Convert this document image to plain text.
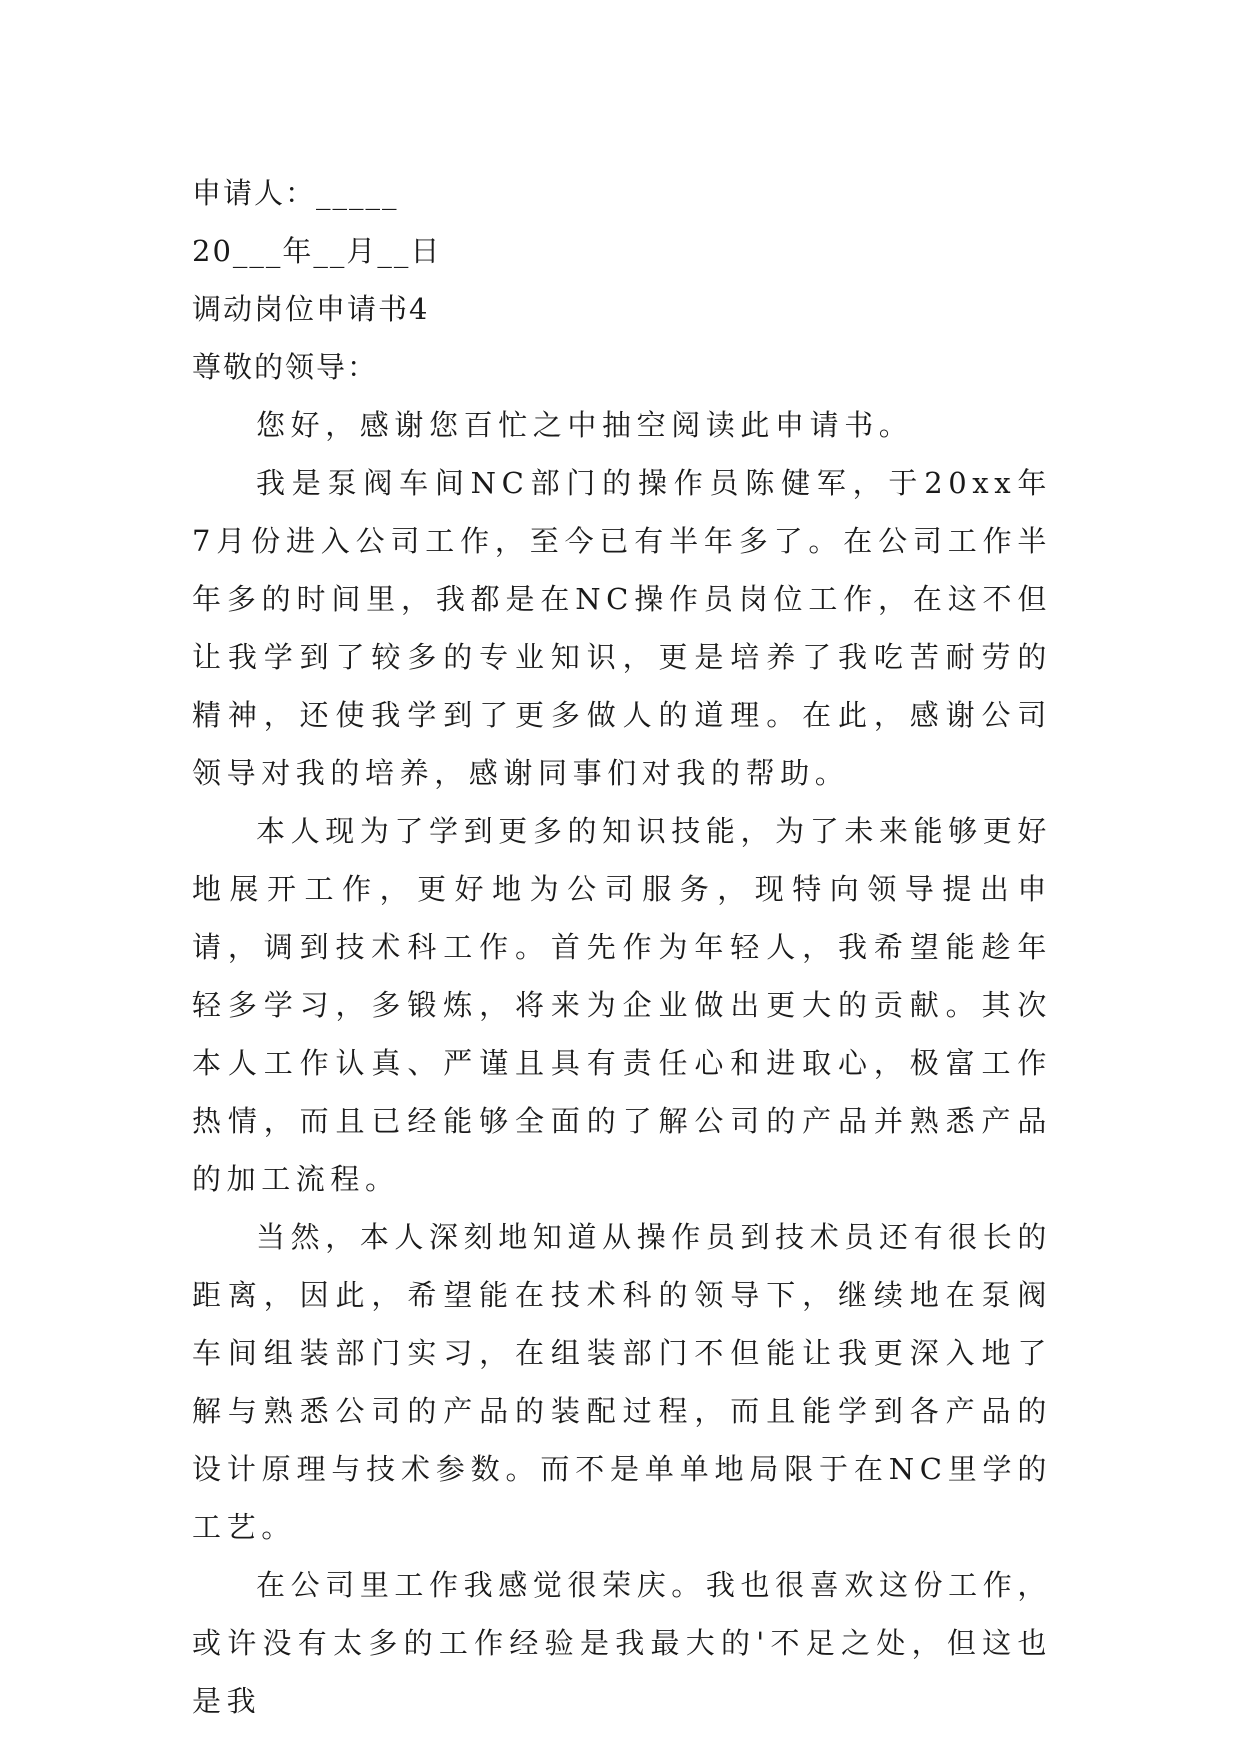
申请人：_____
20___年__月__日
调动岗位申请书4
尊敬的领导：

您好，感谢您百忙之中抽空阅读此申请书。

我是泵阀车间NC部门的操作员陈健军，于20xx年7月份进入公司工作，至今已有半年多了。在公司工作半年多的时间里，我都是在NC操作员岗位工作，在这不但让我学到了较多的专业知识，更是培养了我吃苦耐劳的精神，还使我学到了更多做人的道理。在此，感谢公司领导对我的培养，感谢同事们对我的帮助。

本人现为了学到更多的知识技能，为了未来能够更好地展开工作，更好地为公司服务，现特向领导提出申请，调到技术科工作。首先作为年轻人，我希望能趁年轻多学习，多锻炼，将来为企业做出更大的贡献。其次本人工作认真、严谨且具有责任心和进取心，极富工作热情，而且已经能够全面的了解公司的产品并熟悉产品的加工流程。

当然，本人深刻地知道从操作员到技术员还有很长的距离，因此，希望能在技术科的领导下，继续地在泵阀车间组装部门实习，在组装部门不但能让我更深入地了解与熟悉公司的产品的装配过程，而且能学到各产品的设计原理与技术参数。而不是单单地局限于在NC里学的工艺。

在公司里工作我感觉很荣庆。我也很喜欢这份工作，或许没有太多的工作经验是我最大的'不足之处，但这也是我
